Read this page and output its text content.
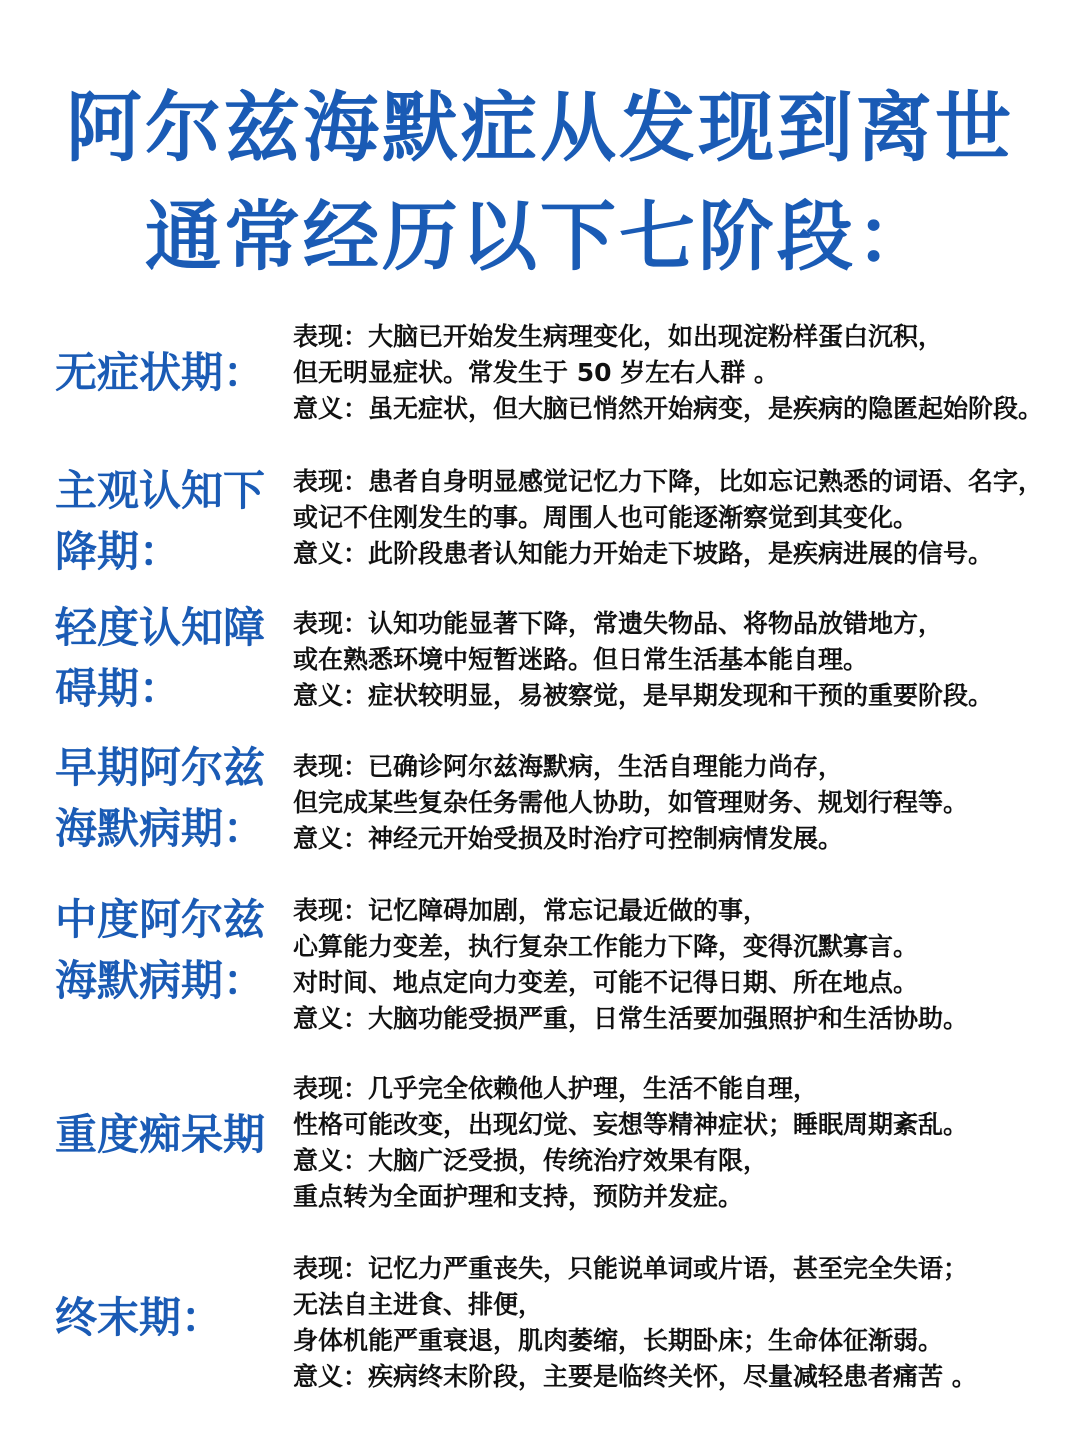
阿尔兹海默症从发现到离世
通常经历以下七阶段：
无症状期：
表现：大脑已开始发生病理变化，如出现淀粉样蛋白沉积，
但无明显症状。常发生于 50 岁左右人群 。
意义：虽无症状，但大脑已悄然开始病变，是疾病的隐匿起始阶段。
主观认知下
降期：
表现：患者自身明显感觉记忆力下降，比如忘记熟悉的词语、名字，
或记不住刚发生的事。周围人也可能逐渐察觉到其变化。
意义：此阶段患者认知能力开始走下坡路，是疾病进展的信号。
轻度认知障
碍期：
表现：认知功能显著下降，常遗失物品、将物品放错地方，
或在熟悉环境中短暂迷路。但日常生活基本能自理。
意义：症状较明显，易被察觉，是早期发现和干预的重要阶段。
早期阿尔兹
海默病期：
表现：已确诊阿尔兹海默病，生活自理能力尚存，
但完成某些复杂任务需他人协助，如管理财务、规划行程等。
意义：神经元开始受损及时治疗可控制病情发展。
中度阿尔兹
海默病期：
表现：记忆障碍加剧，常忘记最近做的事，
心算能力变差，执行复杂工作能力下降，变得沉默寡言。
对时间、地点定向力变差，可能不记得日期、所在地点。
意义：大脑功能受损严重，日常生活要加强照护和生活协助。
重度痴呆期
表现：几乎完全依赖他人护理，生活不能自理，
性格可能改变，出现幻觉、妄想等精神症状；睡眠周期紊乱。
意义：大脑广泛受损，传统治疗效果有限，
重点转为全面护理和支持，预防并发症。
终末期：
表现：记忆力严重丧失，只能说单词或片语，甚至完全失语；
无法自主进食、排便，
身体机能严重衰退，肌肉萎缩，长期卧床；生命体征渐弱。
意义：疾病终末阶段，主要是临终关怀，尽量减轻患者痛苦 。
